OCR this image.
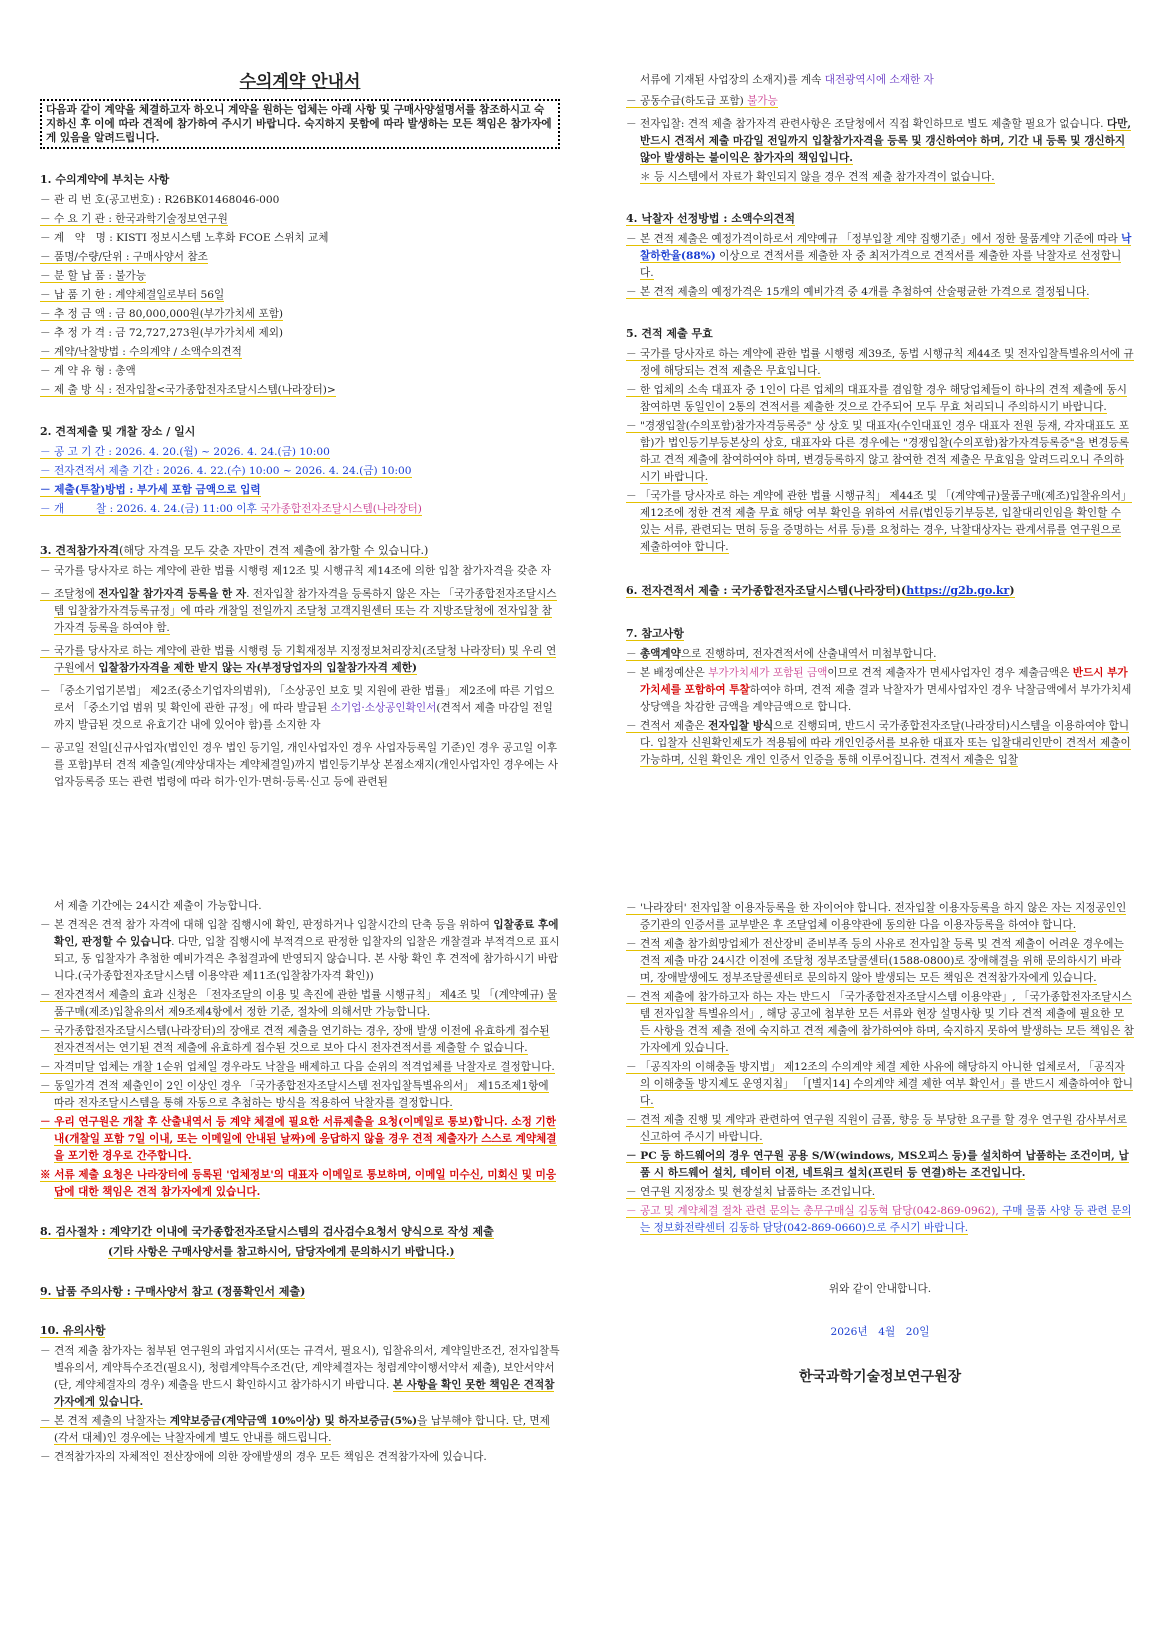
수의계약 안내서
다음과 같이 계약을 체결하고자 하오니 계약을 원하는 업체는 아래 사항 및 구매사양설명서를 참조하시고 숙지하신 후 이에 따라 견적에 참가하여 주시기 바랍니다. 숙지하지 못함에 따라 발생하는 모든 책임은 참가자에게 있음을 알려드립니다.
1. 수의계약에 부치는 사항
－ 관 리 번 호(공고번호) : R26BK01468046-000
－ 수 요 기 관 : 한국과학기술정보연구원
－ 계　약　명 : KISTI 정보시스템 노후화 FCOE 스위치 교체
－ 품명/수량/단위 : 구매사양서 참조
－ 분 할 납 품 : 불가능
－ 납 품 기 한 : 계약체결일로부터 56일
－ 추 정 금 액 : 금 80,000,000원(부가가치세 포함)
－ 추 정 가 격 : 금 72,727,273원(부가가치세 제외)
－ 계약/낙찰방법 : 수의계약 / 소액수의견적
－ 계 약 유 형 : 총액
－ 제 출 방 식 : 전자입찰<국가종합전자조달시스템(나라장터)>
2. 견적제출 및 개찰 장소 / 일시
－ 공 고 기 간 : 2026. 4. 20.(월) ~ 2026. 4. 24.(금) 10:00
－ 전자견적서 제출 기간 : 2026. 4. 22.(수) 10:00 ~ 2026. 4. 24.(금) 10:00
－ 제출(투찰)방법 : 부가세 포함 금액으로 입력
－ 개　　　찰 : 2026. 4. 24.(금) 11:00 이후 국가종합전자조달시스템(나라장터)
3. 견적참가자격(해당 자격을 모두 갖춘 자만이 견적 제출에 참가할 수 있습니다.)
－ 국가를 당사자로 하는 계약에 관한 법률 시행령 제12조 및 시행규칙 제14조에 의한 입찰 참가자격을 갖춘 자
－ 조달청에 전자입찰 참가자격 등록을 한 자. 전자입찰 참가자격을 등록하지 않은 자는 「국가종합전자조달시스템 입찰참가자격등록규정」에 따라 개찰일 전일까지 조달청 고객지원센터 또는 각 지방조달청에 전자입찰 참가자격 등록을 하여야 함.
－ 국가를 당사자로 하는 계약에 관한 법률 시행령 등 기획재정부 지정정보처리장치(조달청 나라장터) 및 우리 연구원에서 입찰참가자격을 제한 받지 않는 자(부정당업자의 입찰참가자격 제한)
－ 「중소기업기본법」 제2조(중소기업자의범위), 「소상공인 보호 및 지원에 관한 법률」 제2조에 따른 기업으로서 「중소기업 범위 및 확인에 관한 규정」에 따라 발급된 소기업·소상공인확인서(견적서 제출 마감일 전일까지 발급된 것으로 유효기간 내에 있어야 함)를 소지한 자
－ 공고일 전일[신규사업자(법인인 경우 법인 등기일, 개인사업자인 경우 사업자등록일 기준)인 경우 공고일 이후를 포함]부터 견적 제출일(계약상대자는 계약체결일)까지 법인등기부상 본점소재지(개인사업자인 경우에는 사업자등록증 또는 관련 법령에 따라 허가·인가·면허·등록·신고 등에 관련된
서류에 기재된 사업장의 소재지)를 계속 대전광역시에 소재한 자
－ 공동수급(하도급 포함) 불가능
－ 전자입찰: 견적 제출 참가자격 관련사항은 조달청에서 직접 확인하므로 별도 제출할 필요가 없습니다. 다만, 반드시 견적서 제출 마감일 전일까지 입찰참가자격을 등록 및 갱신하여야 하며, 기간 내 등록 및 갱신하지 않아 발생하는 불이익은 참가자의 책임입니다.
＊ 등 시스템에서 자료가 확인되지 않을 경우 견적 제출 참가자격이 없습니다.
4. 낙찰자 선정방법 : 소액수의견적
－ 본 견적 제출은 예정가격이하로서 계약예규 「정부입찰 계약 집행기준」에서 정한 물품계약 기준에 따라 낙찰하한율(88%) 이상으로 견적서를 제출한 자 중 최저가격으로 견적서를 제출한 자를 낙찰자로 선정합니다.
－ 본 견적 제출의 예정가격은 15개의 예비가격 중 4개를 추첨하여 산술평균한 가격으로 결정됩니다.
5. 견적 제출 무효
－ 국가를 당사자로 하는 계약에 관한 법률 시행령 제39조, 동법 시행규칙 제44조 및 전자입찰특별유의서에 규정에 해당되는 견적 제출은 무효입니다.
－ 한 업체의 소속 대표자 중 1인이 다른 업체의 대표자를 겸임할 경우 해당업체들이 하나의 견적 제출에 동시 참여하면 동일인이 2통의 견적서를 제출한 것으로 간주되어 모두 무효 처리되니 주의하시기 바랍니다.
－ "경쟁입찰(수의포함)참가자격등록증" 상 상호 및 대표자(수인대표인 경우 대표자 전원 등재, 각자대표도 포함)가 법인등기부등본상의 상호, 대표자와 다른 경우에는 "경쟁입찰(수의포함)참가자격등록증"을 변경등록하고 견적 제출에 참여하여야 하며, 변경등록하지 않고 참여한 견적 제출은 무효임을 알려드리오니 주의하시기 바랍니다.
－ 「국가를 당사자로 하는 계약에 관한 법률 시행규칙」 제44조 및 「(계약예규)물품구매(제조)입찰유의서」 제12조에 정한 견적 제출 무효 해당 여부 확인을 위하여 서류(법인등기부등본, 입찰대리인임을 확인할 수 있는 서류, 관련되는 면허 등을 증명하는 서류 등)를 요청하는 경우, 낙찰대상자는 관계서류를 연구원으로 제출하여야 합니다.
6. 전자견적서 제출 : 국가종합전자조달시스템(나라장터)(https://g2b.go.kr)
7. 참고사항
－ 총액계약으로 진행하며, 전자견적서에 산출내역서 미첨부합니다.
－ 본 배정예산은 부가가치세가 포함된 금액이므로 견적 제출자가 면세사업자인 경우 제출금액은 반드시 부가가치세를 포함하여 투찰하여야 하며, 견적 제출 결과 낙찰자가 면세사업자인 경우 낙찰금액에서 부가가치세 상당액을 차감한 금액을 계약금액으로 합니다.
－ 견적서 제출은 전자입찰 방식으로 진행되며, 반드시 국가종합전자조달(나라장터)시스템을 이용하여야 합니다. 입찰자 신원확인제도가 적용됨에 따라 개인인증서를 보유한 대표자 또는 입찰대리인만이 견적서 제출이 가능하며, 신원 확인은 개인 인증서 인증을 통해 이루어집니다. 견적서 제출은 입찰
서 제출 기간에는 24시간 제출이 가능합니다.
－ 본 견적은 견적 참가 자격에 대해 입찰 집행시에 확인, 판정하거나 입찰시간의 단축 등을 위하여 입찰종료 후에 확인, 판정할 수 있습니다. 다만, 입찰 집행시에 부적격으로 판정한 입찰자의 입찰은 개찰결과 부적격으로 표시되고, 동 입찰자가 추첨한 예비가격은 추첨결과에 반영되지 않습니다. 본 사항 확인 후 견적에 참가하시기 바랍니다.(국가종합전자조달시스템 이용약관 제11조(입찰참가자격 확인))
－ 전자견적서 제출의 효과 신청은 「전자조달의 이용 및 촉진에 관한 법률 시행규칙」 제4조 및 「(계약예규) 물품구매(제조)입찰유의서 제9조제4항에서 정한 기준, 절차에 의해서만 가능합니다.
－ 국가종합전자조달시스템(나라장터)의 장애로 견적 제출을 연기하는 경우, 장애 발생 이전에 유효하게 접수된 전자견적서는 연기된 견적 제출에 유효하게 접수된 것으로 보아 다시 전자견적서를 제출할 수 없습니다.
－ 자격미달 업체는 개찰 1순위 업체일 경우라도 낙찰을 배제하고 다음 순위의 적격업체를 낙찰자로 결정합니다.
－ 동일가격 견적 제출인이 2인 이상인 경우 「국가종합전자조달시스템 전자입찰특별유의서」 제15조제1항에 따라 전자조달시스템을 통해 자동으로 추첨하는 방식을 적용하여 낙찰자를 결정합니다.
－ 우리 연구원은 개찰 후 산출내역서 등 계약 체결에 필요한 서류제출을 요청(이메일로 통보)합니다. 소정 기한 내(개찰일 포함 7일 이내, 또는 이메일에 안내된 날짜)에 응답하지 않을 경우 견적 제출자가 스스로 계약체결을 포기한 경우로 간주합니다.
※ 서류 제출 요청은 나라장터에 등록된 '업체정보'의 대표자 이메일로 통보하며, 이메일 미수신, 미회신 및 미응답에 대한 책임은 견적 참가자에게 있습니다.
8. 검사절차 : 계약기간 이내에 국가종합전자조달시스템의 검사검수요청서 양식으로 작성 제출
(기타 사항은 구매사양서를 참고하시어, 담당자에게 문의하시기 바랍니다.)
9. 납품 주의사항 : 구매사양서 참고 (정품확인서 제출)
10. 유의사항
－ 견적 제출 참가자는 첨부된 연구원의 과업지시서(또는 규격서, 필요시), 입찰유의서, 계약일반조건, 전자입찰특별유의서, 계약특수조건(필요시), 청렴계약특수조건(단, 계약체결자는 청렴계약이행서약서 제출), 보안서약서(단, 계약체결자의 경우) 제출을 반드시 확인하시고 참가하시기 바랍니다. 본 사항을 확인 못한 책임은 견적참가자에게 있습니다.
－ 본 견적 제출의 낙찰자는 계약보증금(계약금액 10%이상) 및 하자보증금(5%)을 납부해야 합니다. 단, 면제(각서 대체)인 경우에는 낙찰자에게 별도 안내를 해드립니다.
－ 견적참가자의 자체적인 전산장애에 의한 장애발생의 경우 모든 책임은 견적참가자에 있습니다.
－ '나라장터' 전자입찰 이용자등록을 한 자이어야 합니다. 전자입찰 이용자등록을 하지 않은 자는 지정공인인증기관의 인증서를 교부받은 후 조달업체 이용약관에 동의한 다음 이용자등록을 하여야 합니다.
－ 견적 제출 참가희망업체가 전산장비 준비부족 등의 사유로 전자입찰 등록 및 견적 제출이 어려운 경우에는 견적 제출 마감 24시간 이전에 조달청 정부조달콜센터(1588-0800)로 장애해결을 위해 문의하시기 바라며, 장애발생에도 정부조달콜센터로 문의하지 않아 발생되는 모든 책임은 견적참가자에게 있습니다.
－ 견적 제출에 참가하고자 하는 자는 반드시 「국가종합전자조달시스템 이용약관」, 「국가종합전자조달시스템 전자입찰 특별유의서」, 해당 공고에 첨부한 모든 서류와 현장 설명사항 및 기타 견적 제출에 필요한 모든 사항을 견적 제출 전에 숙지하고 견적 제출에 참가하여야 하며, 숙지하지 못하여 발생하는 모든 책임은 참가자에게 있습니다.
－ 「공직자의 이해충돌 방지법」 제12조의 수의계약 체결 제한 사유에 해당하지 아니한 업체로서, 「공직자의 이해충돌 방지제도 운영지침」 「[별지14] 수의계약 체결 제한 여부 확인서」를 반드시 제출하여야 합니다.
－ 견적 제출 진행 및 계약과 관련하여 연구원 직원이 금품, 향응 등 부당한 요구를 할 경우 연구원 감사부서로 신고하여 주시기 바랍니다.
－ PC 등 하드웨어의 경우 연구원 공용 S/W(windows, MS오피스 등)를 설치하여 납품하는 조건이며, 납품 시 하드웨어 설치, 데이터 이전, 네트워크 설치(프린터 등 연결)하는 조건입니다.
－ 연구원 지정장소 및 현장설치 납품하는 조건입니다.
－ 공고 및 계약체결 절차 관련 문의는 총무구매실 김동혁 담당(042-869-0962), 구매 물품 사양 등 관련 문의는 정보화전략센터 김동하 담당(042-869-0660)으로 주시기 바랍니다.
위와 같이 안내합니다.
2026년　4월　20일
한국과학기술정보연구원장
